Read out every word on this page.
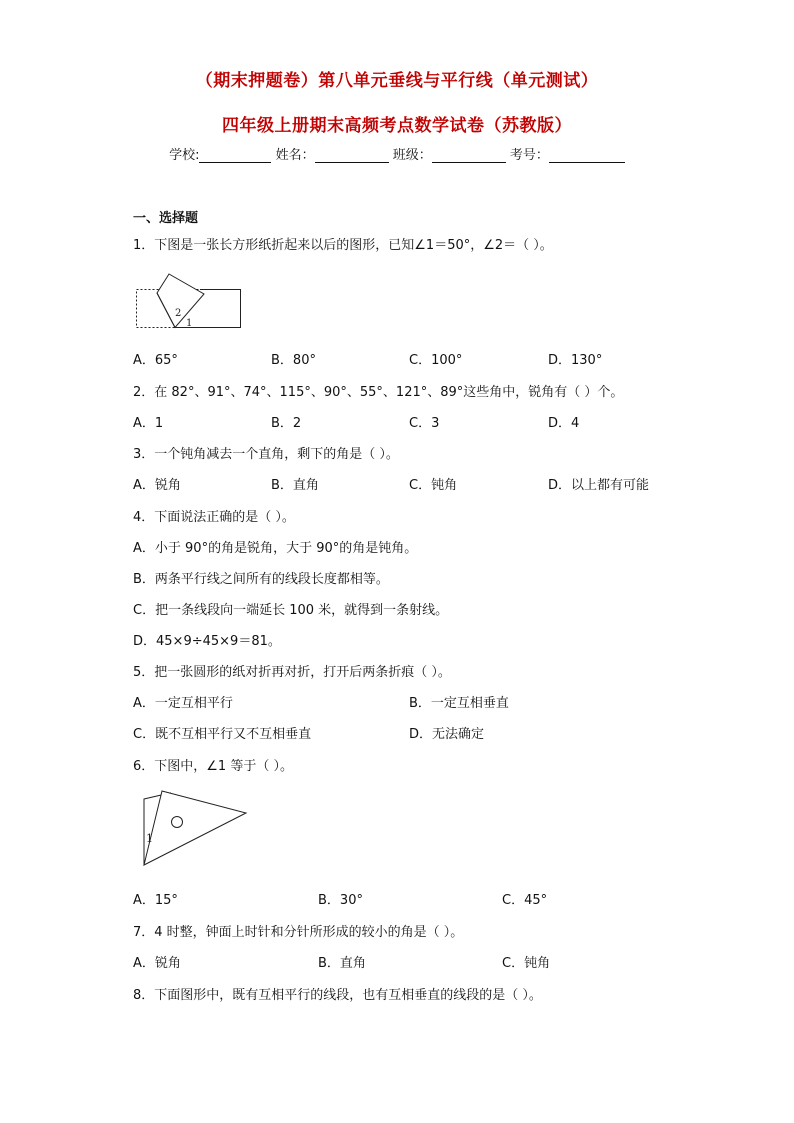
（期末押题卷）第八单元垂线与平行线（单元测试）
四年级上册期末高频考点数学试卷（苏教版）
学校:	姓名：	班级：	考号：
一、选择题
1．下图是一张长方形纸折起来以后的图形，已知∠1＝50°，∠2＝（ ）。
2
1
A．65°	B．80°	C．100°	D．130°
2．在 82°、91°、74°、115°、90°、55°、121°、89°这些角中，锐角有（ ）个。
A．1	B．2	C．3	D．4
3．一个钝角减去一个直角，剩下的角是（ ）。
A．锐角	B．直角	C．钝角	D．以上都有可能
4．下面说法正确的是（ ）。
A．小于 90°的角是锐角，大于 90°的角是钝角。
B．两条平行线之间所有的线段长度都相等。
C．把一条线段向一端延长 100 米，就得到一条射线。
D．45×9÷45×9＝81。
5．把一张圆形的纸对折再对折，打开后两条折痕（ ）。
A．一定互相平行	B．一定互相垂直
C．既不互相平行又不互相垂直	D．无法确定
6．下图中，∠1 等于（ ）。
1
A．15°	B．30°	C．45°
7．4 时整，钟面上时针和分针所形成的较小的角是（ ）。
A．锐角	B．直角	C．钝角
8．下面图形中，既有互相平行的线段，也有互相垂直的线段的是（ ）。
